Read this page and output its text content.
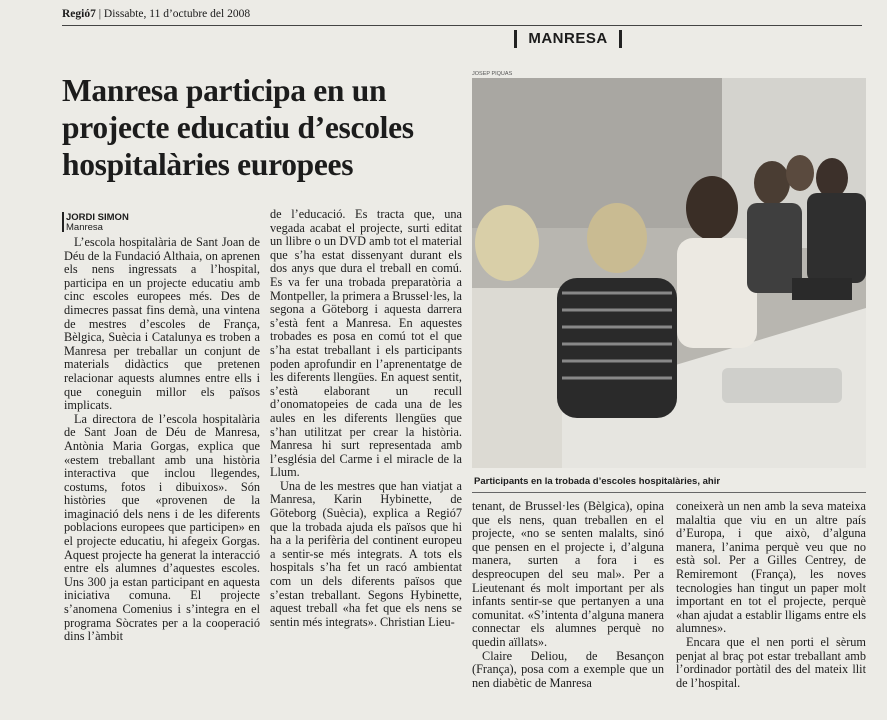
Regió7 | Dissabte, 11 d’octubre del 2008
MANRESA
Manresa participa en un projecte educatiu d’escoles hospitalàries europees
JORDI SIMON
Manresa

L’escola hospitalària de Sant Joan de Déu de la Fundació Althaia, on aprenen els nens ingressats a l’hospital, participa en un projecte educatiu amb cinc escoles europees més. Des de dimecres passat fins demà, una vintena de mestres d’escoles de França, Bèlgica, Suècia i Catalunya es troben a Manresa per treballar un conjunt de materials didàctics que pretenen relacionar aquests alumnes entre ells i que coneguin millor els països implicats.

La directora de l’escola hospitalària de Sant Joan de Déu de Manresa, Antònia Maria Gorgas, explica que «estem treballant amb una història interactiva que inclou llegendes, costums, fotos i dibuixos». Són històries que «provenen de la imaginació dels nens i de les diferents poblacions europees que participen» en el projecte educatiu, hi afegeix Gorgas. Aquest projecte ha generat la interacció entre els alumnes d’aquestes escoles. Uns 300 ja estan participant en aquesta iniciativa comuna. El projecte s’anomena Comenius i s’integra en el programa Sòcrates per a la cooperació dins l’àmbit

de l’educació. Es tracta que, una vegada acabat el projecte, surti editat un llibre o un DVD amb tot el material que s’ha estat dissenyant durant els dos anys que dura el treball en comú. Es va fer una trobada preparatòria a Montpeller, la primera a Brussel·les, la segona a Göteborg i aquesta darrera s’està fent a Manresa. En aquestes trobades es posa en comú tot el que s’ha estat treballant i els participants poden aprofundir en l’aprenentatge de les diferents llengües. En aquest sentit, s’està elaborant un recull d’onomatopeies de cada una de les aules en les diferents llengües que s’han utilitzat per crear la història. Manresa hi surt representada amb l’església del Carme i el miracle de la Llum.

Una de les mestres que han viatjat a Manresa, Karin Hybinette, de Göteborg (Suècia), explica a Regió7 que la trobada ajuda els països que hi ha a la perifèria del continent europeu a sentir-se més integrats. A tots els hospitals s’ha fet un racó ambientat com un dels diferents països que s’estan treballant. Segons Hybinette, aquest treball «ha fet que els nens se sentin més integrats». Christian Lieu-

JOSEP PIQUAS
Participants en la trobada d’escoles hospitalàries, ahir

tenant, de Brussel·les (Bèlgica), opina que els nens, quan treballen en el projecte, «no se senten malalts, sinó que pensen en el projecte i, d’alguna manera, surten a fora i es despreocupen del seu mal». Per a Lieutenant és molt important per als infants sentir-se que pertanyen a una comunitat. «S’intenta d’alguna manera connectar els alumnes perquè no quedin aïllats».

Claire Deliou, de Besançon (França), posa com a exemple que un nen diabètic de Manresa

coneixerà un nen amb la seva mateixa malaltia que viu en un altre país d’Europa, i que això, d’alguna manera, l’anima perquè veu que no està sol. Per a Gilles Centrey, de Remiremont (França), les noves tecnologies han tingut un paper molt important en tot el projecte, perquè «han ajudat a establir lligams entre els alumnes».

Encara que el nen porti el sèrum penjat al braç pot estar treballant amb l’ordinador portàtil des del mateix llit de l’hospital.
